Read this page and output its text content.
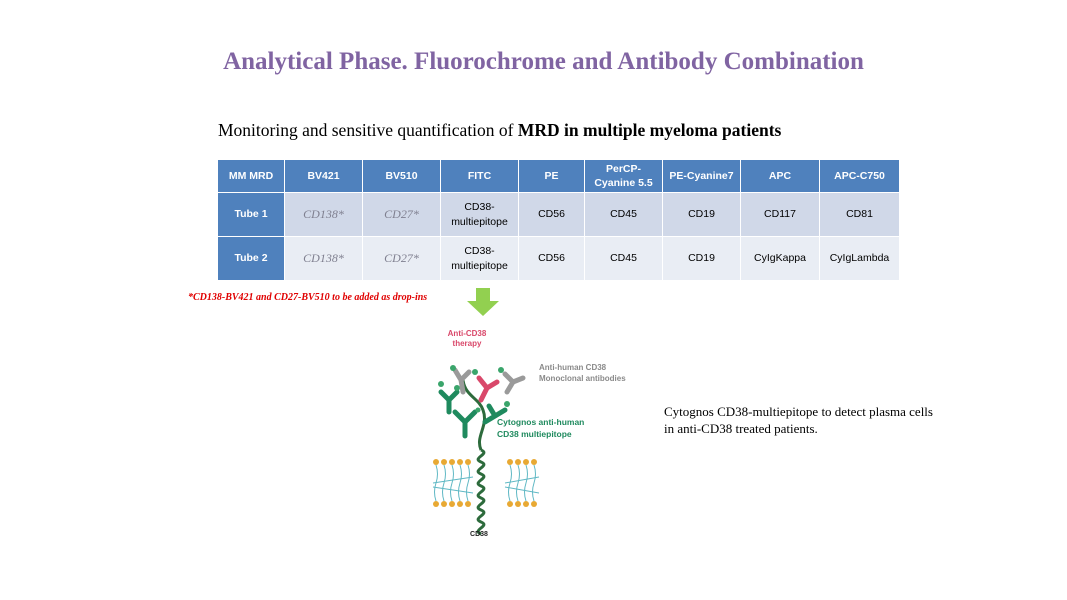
Analytical Phase. Fluorochrome and Antibody Combination
Monitoring and sensitive quantification of MRD in multiple myeloma patients
MM MRD	BV421	BV510	FITC	PE	PerCP-Cyanine 5.5	PE-Cyanine7	APC	APC-C750
Tube 1	CD138*	CD27*	CD38-multiepitope	CD56	CD45	CD19	CD117	CD81
Tube 2	CD138*	CD27*	CD38-multiepitope	CD56	CD45	CD19	CyIgKappa	CyIgLambda
*CD138-BV421 and CD27-BV510 to be added as drop-ins
Anti-CD38
therapy
Anti-human CD38
Monoclonal antibodies
Cytognos anti-human
CD38 multiepitope
CD38
Cytognos CD38-multiepitope to detect plasma cells in anti-CD38 treated patients.
